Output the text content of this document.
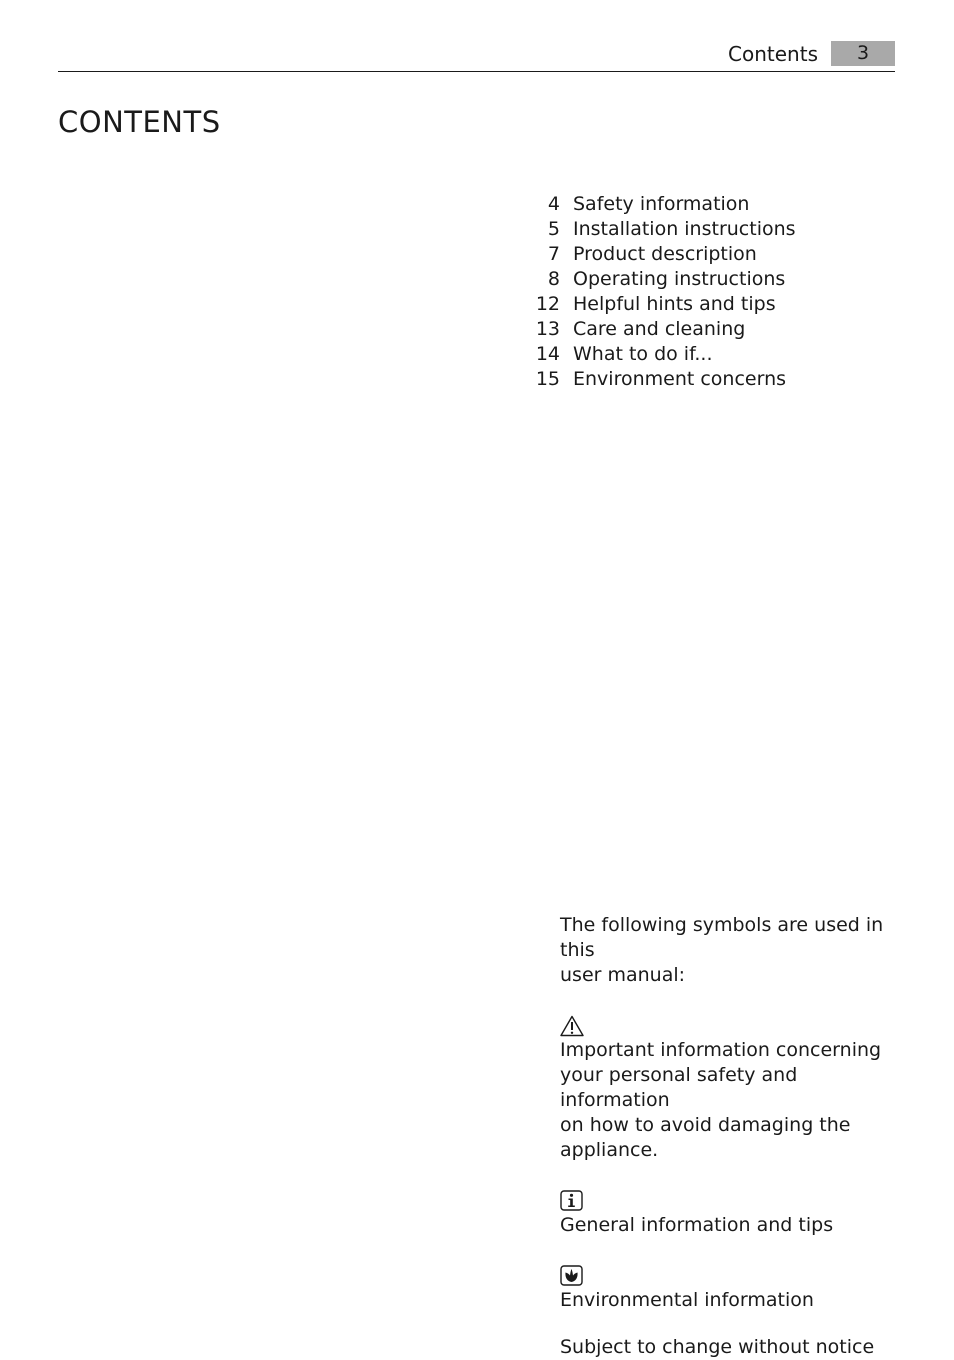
Contents	3
CONTENTS
4 Safety information
5 Installation instructions
7 Product description
8 Operating instructions
12 Helpful hints and tips
13 Care and cleaning
14 What to do if...
15 Environment concerns

The following symbols are used in this

user manual:

Important information concerning

your personal safety and information

on how to avoid damaging the

appliance.

General information and tips

Environmental information

Subject to change without notice
